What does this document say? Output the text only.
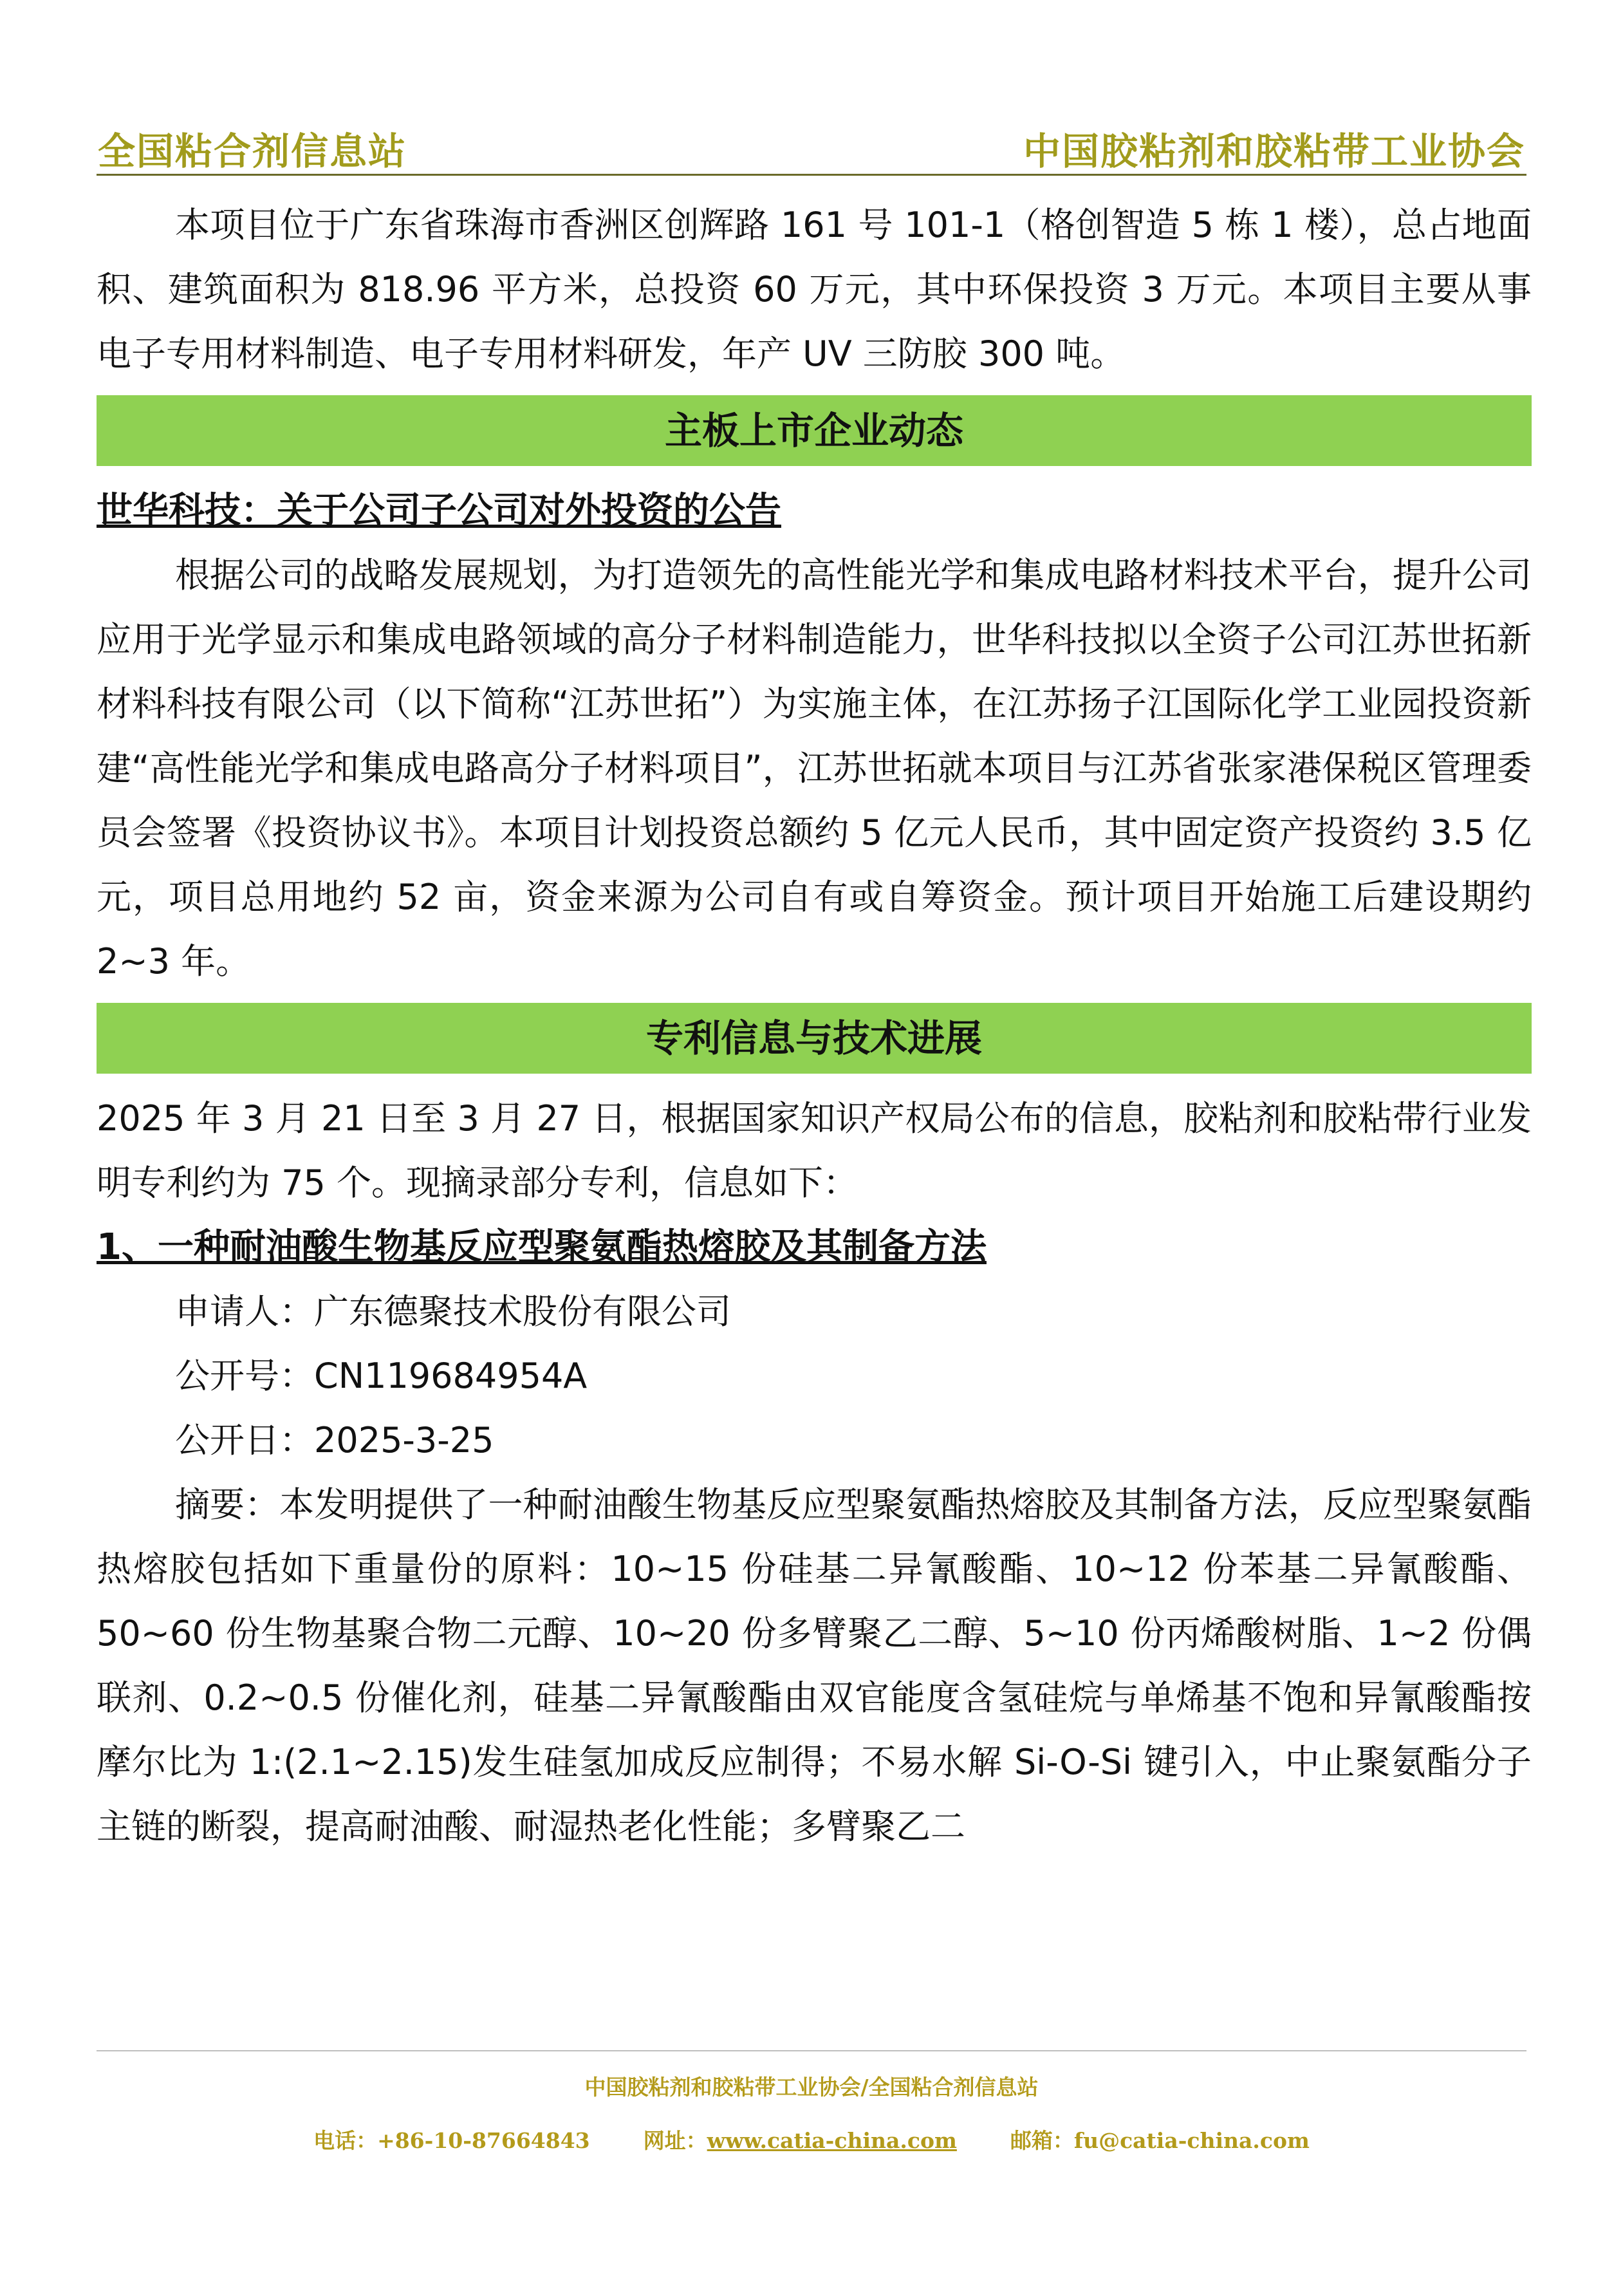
全国粘合剂信息站	中国胶粘剂和胶粘带工业协会

本项目位于广东省珠海市香洲区创辉路 161 号 101-1（格创智造 5 栋 1 楼），总占地面积、建筑面积为 818.96 平方米，总投资 60 万元，其中环保投资 3 万元。本项目主要从事电子专用材料制造、电子专用材料研发，年产 UV 三防胶 300 吨。

主板上市企业动态

世华科技：关于公司子公司对外投资的公告

根据公司的战略发展规划，为打造领先的高性能光学和集成电路材料技术平台，提升公司应用于光学显示和集成电路领域的高分子材料制造能力，世华科技拟以全资子公司江苏世拓新材料科技有限公司（以下简称“江苏世拓”）为实施主体，在江苏扬子江国际化学工业园投资新建“高性能光学和集成电路高分子材料项目”，江苏世拓就本项目与江苏省张家港保税区管理委员会签署《投资协议书》。本项目计划投资总额约 5 亿元人民币，其中固定资产投资约 3.5 亿元，项目总用地约 52 亩，资金来源为公司自有或自筹资金。预计项目开始施工后建设期约 2~3 年。

专利信息与技术进展

2025 年 3 月 21 日至 3 月 27 日，根据国家知识产权局公布的信息，胶粘剂和胶粘带行业发明专利约为 75 个。现摘录部分专利，信息如下：

1、一种耐油酸生物基反应型聚氨酯热熔胶及其制备方法

申请人：广东德聚技术股份有限公司

公开号：CN119684954A

公开日：2025-3-25

摘要：本发明提供了一种耐油酸生物基反应型聚氨酯热熔胶及其制备方法，反应型聚氨酯热熔胶包括如下重量份的原料：10~15 份硅基二异氰酸酯、10~12 份苯基二异氰酸酯、50~60 份生物基聚合物二元醇、10~20 份多臂聚乙二醇、5~10 份丙烯酸树脂、1~2 份偶联剂、0.2~0.5 份催化剂，硅基二异氰酸酯由双官能度含氢硅烷与单烯基不饱和异氰酸酯按摩尔比为 1:(2.1~2.15)发生硅氢加成反应制得；不易水解 Si-O-Si 键引入，中止聚氨酯分子主链的断裂，提高耐油酸、耐湿热老化性能；多臂聚乙二

中国胶粘剂和胶粘带工业协会/全国粘合剂信息站
电话：+86-10-87664843	网址：www.catia-china.com	邮箱：fu@catia-china.com
